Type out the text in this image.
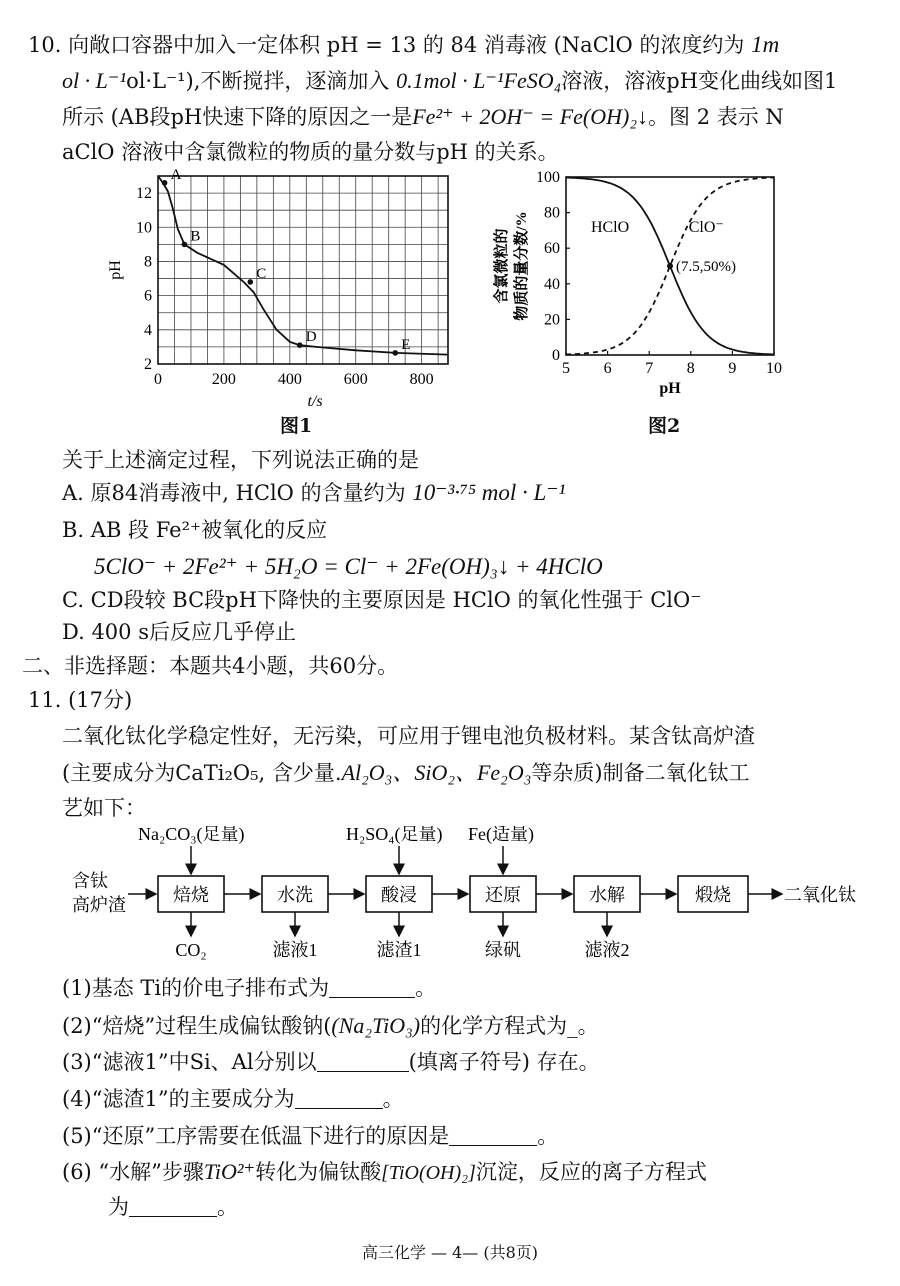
10. 向敞口容器中加入一定体积 pH = 13 的 84 消毒液 (NaClO 的浓度约为 1m
ol · L⁻¹ol·L⁻¹),不断搅拌，逐滴加入 0.1mol · L⁻¹FeSO₄溶液，溶液pH变化曲线如图1
所示 (AB段pH快速下降的原因之一是Fe²⁺ + 2OH⁻ = Fe(OH)₂↓。图 2 表示 N
aClO 溶液中含氯微粒的物质的量分数与pH 的关系。
0	200	400	600	800
2
4
6
8
10
12
t/s
pH
A
B
C
D	E
图1
5 6 7 8 9 10
0
20
40
60
80
100
pH
含氯微粒的 物质的量分数/%	HClO	ClO⁻
(7.5,50%)
图2
关于上述滴定过程，下列说法正确的是
A. 原84消毒液中, HClO 的含量约为 10⁻³·⁷⁵ mol · L⁻¹
B. AB 段 Fe²⁺被氧化的反应
5ClO⁻ + 2Fe²⁺ + 5H₂O = Cl⁻ + 2Fe(OH)₃↓ + 4HClO
C. CD段较 BC段pH下降快的主要原因是 HClO 的氧化性强于 ClO⁻
D. 400 s后反应几乎停止
二、非选择题：本题共4小题，共60分。
11. (17分)
二氧化钛化学稳定性好，无污染，可应用于锂电池负极材料。某含钛高炉渣
(主要成分为CaTi₂O₅, 含少量.Al₂O₃、SiO₂、Fe₂O₃等杂质)制备二氧化钛工
艺如下：
含钛
高炉渣	焙烧	水洗	酸浸	还原	水解	煅烧	二氧化钛
Na₂CO₃(足量)	H₂SO₄(足量) Fe(适量)
CO₂	滤液1	滤渣1	绿矾	滤液2
(1)基态 Ti的价电子排布式为	。
(2)“焙烧”过程生成偏钛酸钠((Na₂TiO₃)的化学方程式为_。
(3)“滤液1”中Si、Al分别以	(填离子符号) 存在。
(4)“滤渣1”的主要成分为	。
(5)“还原”工序需要在低温下进行的原因是	。
(6) “水解”步骤TiO²⁺转化为偏钛酸[TiO(OH)₂]沉淀，反应的离子方程式
为	。
高三化学 — 4— (共8页)
